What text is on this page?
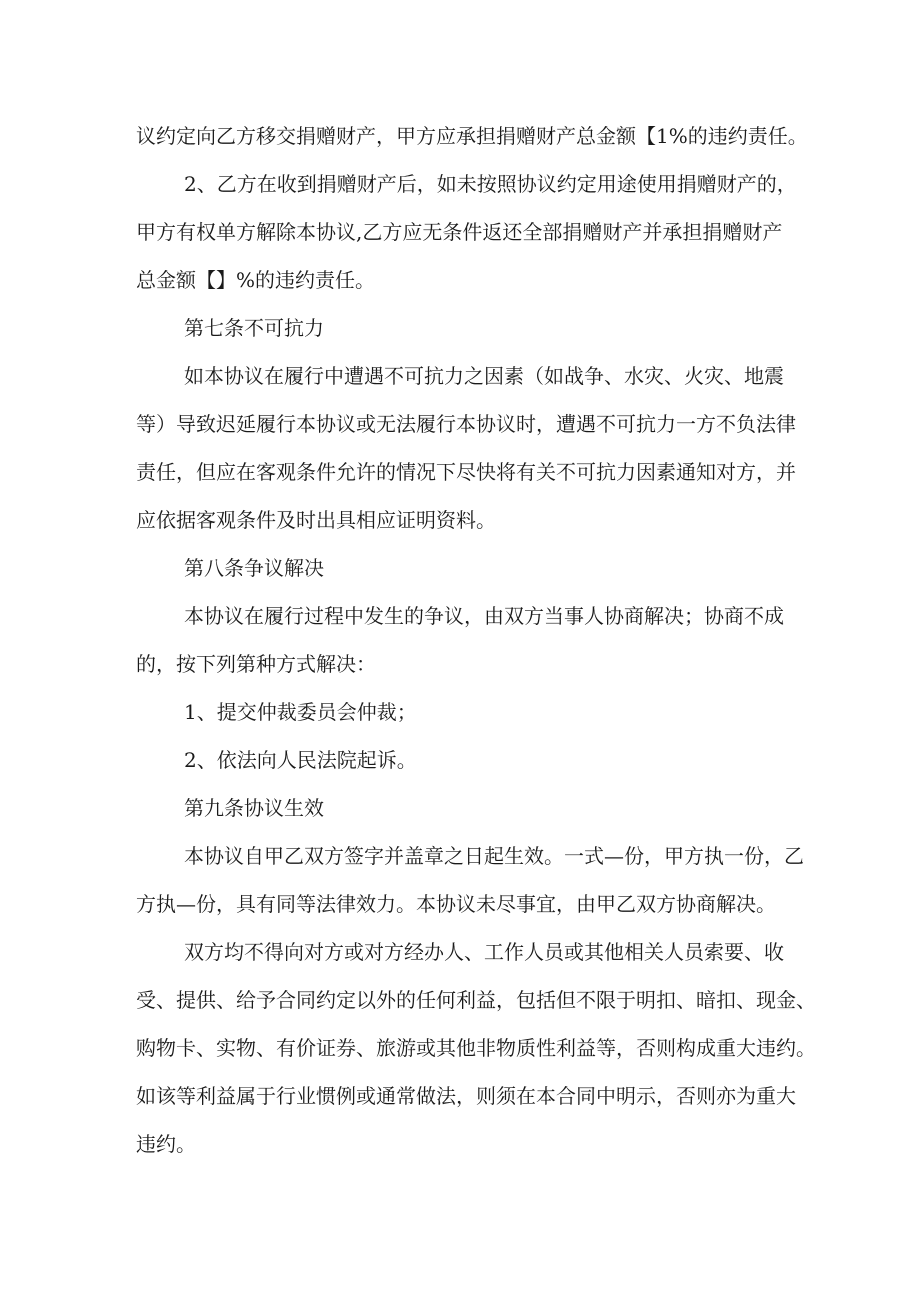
议约定向乙方移交捐赠财产，甲方应承担捐赠财产总金额【1%的违约责任。
2、乙方在收到捐赠财产后，如未按照协议约定用途使用捐赠财产的，
甲方有权单方解除本协议,乙方应无条件返还全部捐赠财产并承担捐赠财产
总金额【】%的违约责任。
第七条不可抗力
如本协议在履行中遭遇不可抗力之因素（如战争、水灾、火灾、地震
等）导致迟延履行本协议或无法履行本协议时，遭遇不可抗力一方不负法律
责任，但应在客观条件允许的情况下尽快将有关不可抗力因素通知对方，并
应依据客观条件及时出具相应证明资料。
第八条争议解决
本协议在履行过程中发生的争议，由双方当事人协商解决；协商不成
的，按下列第种方式解决：
1、提交仲裁委员会仲裁；
2、依法向人民法院起诉。
第九条协议生效
本协议自甲乙双方签字并盖章之日起生效。一式—份，甲方执一份，乙
方执—份，具有同等法律效力。本协议未尽事宜，由甲乙双方协商解决。
双方均不得向对方或对方经办人、工作人员或其他相关人员索要、收
受、提供、给予合同约定以外的任何利益，包括但不限于明扣、暗扣、现金、
购物卡、实物、有价证券、旅游或其他非物质性利益等，否则构成重大违约。
如该等利益属于行业惯例或通常做法，则须在本合同中明示，否则亦为重大
违约。
